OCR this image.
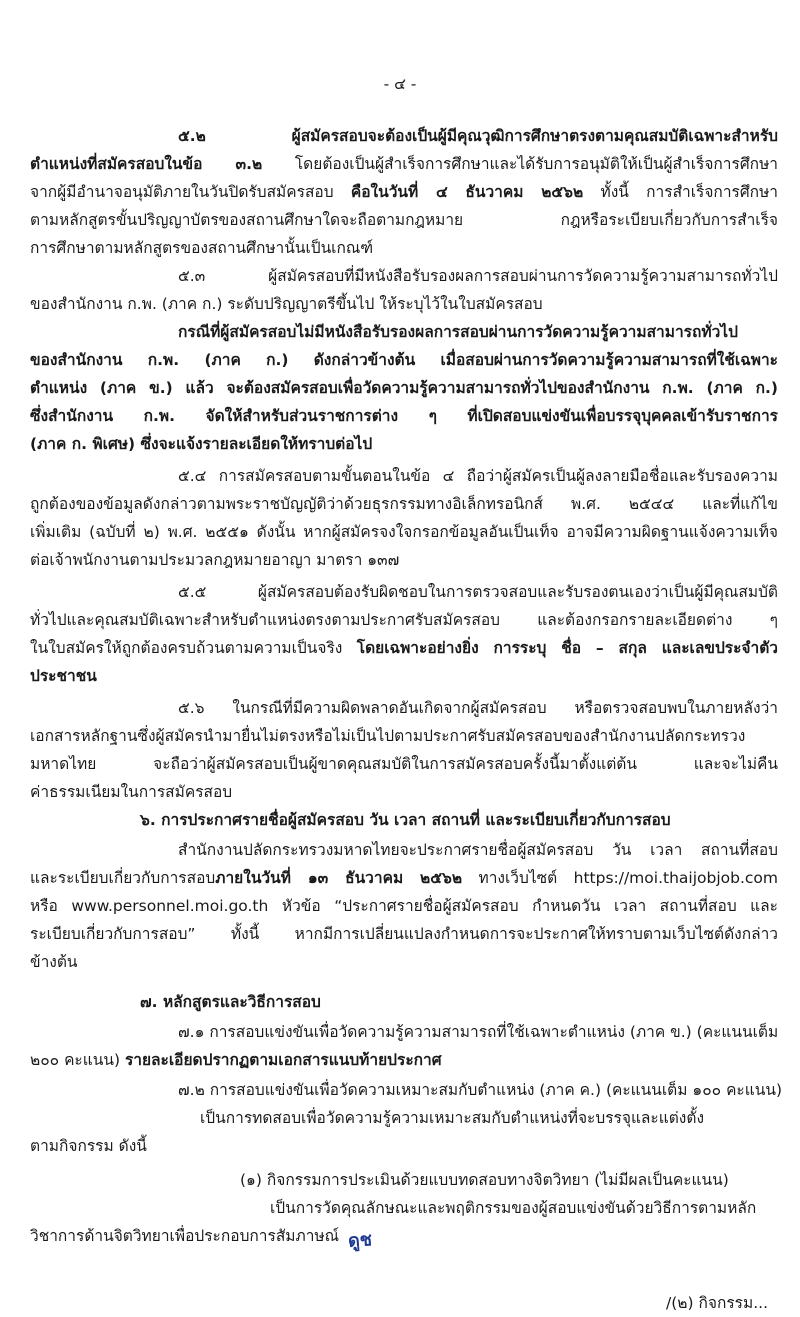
- ๔ -
๕.๒ ผู้สมัครสอบจะต้องเป็นผู้มีคุณวุฒิการศึกษาตรงตามคุณสมบัติเฉพาะสำหรับ
ตำแหน่งที่สมัครสอบในข้อ ๓.๒ โดยต้องเป็นผู้สำเร็จการศึกษาและได้รับการอนุมัติให้เป็นผู้สำเร็จการศึกษา
จากผู้มีอำนาจอนุมัติภายในวันปิดรับสมัครสอบ คือในวันที่ ๔ ธันวาคม ๒๕๖๒ ทั้งนี้ การสำเร็จการศึกษา
ตามหลักสูตรขั้นปริญญาบัตรของสถานศึกษาใดจะถือตามกฎหมาย กฎหรือระเบียบเกี่ยวกับการสำเร็จ
การศึกษาตามหลักสูตรของสถานศึกษานั้นเป็นเกณฑ์
๕.๓ ผู้สมัครสอบที่มีหนังสือรับรองผลการสอบผ่านการวัดความรู้ความสามารถทั่วไป
ของสำนักงาน ก.พ. (ภาค ก.) ระดับปริญญาตรีขึ้นไป ให้ระบุไว้ในใบสมัครสอบ
กรณีที่ผู้สมัครสอบไม่มีหนังสือรับรองผลการสอบผ่านการวัดความรู้ความสามารถทั่วไป
ของสำนักงาน ก.พ. (ภาค ก.) ดังกล่าวข้างต้น เมื่อสอบผ่านการวัดความรู้ความสามารถที่ใช้เฉพาะ
ตำแหน่ง (ภาค ข.) แล้ว จะต้องสมัครสอบเพื่อวัดความรู้ความสามารถทั่วไปของสำนักงาน ก.พ. (ภาค ก.)
ซึ่งสำนักงาน ก.พ. จัดให้สำหรับส่วนราชการต่าง ๆ ที่เปิดสอบแข่งขันเพื่อบรรจุบุคคลเข้ารับราชการ
(ภาค ก. พิเศษ) ซึ่งจะแจ้งรายละเอียดให้ทราบต่อไป
๕.๔ การสมัครสอบตามขั้นตอนในข้อ ๔ ถือว่าผู้สมัครเป็นผู้ลงลายมือชื่อและรับรองความ
ถูกต้องของข้อมูลดังกล่าวตามพระราชบัญญัติว่าด้วยธุรกรรมทางอิเล็กทรอนิกส์ พ.ศ. ๒๕๔๔ และที่แก้ไข
เพิ่มเติม (ฉบับที่ ๒) พ.ศ. ๒๕๕๑ ดังนั้น หากผู้สมัครจงใจกรอกข้อมูลอันเป็นเท็จ อาจมีความผิดฐานแจ้งความเท็จ
ต่อเจ้าพนักงานตามประมวลกฎหมายอาญา มาตรา ๑๓๗
๕.๕ ผู้สมัครสอบต้องรับผิดชอบในการตรวจสอบและรับรองตนเองว่าเป็นผู้มีคุณสมบัติ
ทั่วไปและคุณสมบัติเฉพาะสำหรับตำแหน่งตรงตามประกาศรับสมัครสอบ และต้องกรอกรายละเอียดต่าง ๆ
ในใบสมัครให้ถูกต้องครบถ้วนตามความเป็นจริง โดยเฉพาะอย่างยิ่ง การระบุ ชื่อ – สกุล และเลขประจำตัว
ประชาชน
๕.๖ ในกรณีที่มีความผิดพลาดอันเกิดจากผู้สมัครสอบ หรือตรวจสอบพบในภายหลังว่า
เอกสารหลักฐานซึ่งผู้สมัครนำมายื่นไม่ตรงหรือไม่เป็นไปตามประกาศรับสมัครสอบของสำนักงานปลัดกระทรวง
มหาดไทย จะถือว่าผู้สมัครสอบเป็นผู้ขาดคุณสมบัติในการสมัครสอบครั้งนี้มาตั้งแต่ต้น และจะไม่คืน
ค่าธรรมเนียมในการสมัครสอบ
๖. การประกาศรายชื่อผู้สมัครสอบ วัน เวลา สถานที่ และระเบียบเกี่ยวกับการสอบ
สำนักงานปลัดกระทรวงมหาดไทยจะประกาศรายชื่อผู้สมัครสอบ วัน เวลา สถานที่สอบ
และระเบียบเกี่ยวกับการสอบภายในวันที่ ๑๓ ธันวาคม ๒๕๖๒ ทางเว็บไซต์ https://moi.thaijobjob.com
หรือ www.personnel.moi.go.th หัวข้อ “ประกาศรายชื่อผู้สมัครสอบ กำหนดวัน เวลา สถานที่สอบ และ
ระเบียบเกี่ยวกับการสอบ” ทั้งนี้ หากมีการเปลี่ยนแปลงกำหนดการจะประกาศให้ทราบตามเว็บไซต์ดังกล่าว
ข้างต้น
๗. หลักสูตรและวิธีการสอบ
๗.๑ การสอบแข่งขันเพื่อวัดความรู้ความสามารถที่ใช้เฉพาะตำแหน่ง (ภาค ข.) (คะแนนเต็ม
๒๐๐ คะแนน) รายละเอียดปรากฏตามเอกสารแนบท้ายประกาศ
๗.๒ การสอบแข่งขันเพื่อวัดความเหมาะสมกับตำแหน่ง (ภาค ค.) (คะแนนเต็ม ๑๐๐ คะแนน)
เป็นการทดสอบเพื่อวัดความรู้ความเหมาะสมกับตำแหน่งที่จะบรรจุและแต่งตั้ง
ตามกิจกรรม ดังนี้
(๑) กิจกรรมการประเมินด้วยแบบทดสอบทางจิตวิทยา (ไม่มีผลเป็นคะแนน)
เป็นการวัดคุณลักษณะและพฤติกรรมของผู้สอบแข่งขันด้วยวิธีการตามหลัก
วิชาการด้านจิตวิทยาเพื่อประกอบการสัมภาษณ์ ดูช
/(๒) กิจกรรม...
